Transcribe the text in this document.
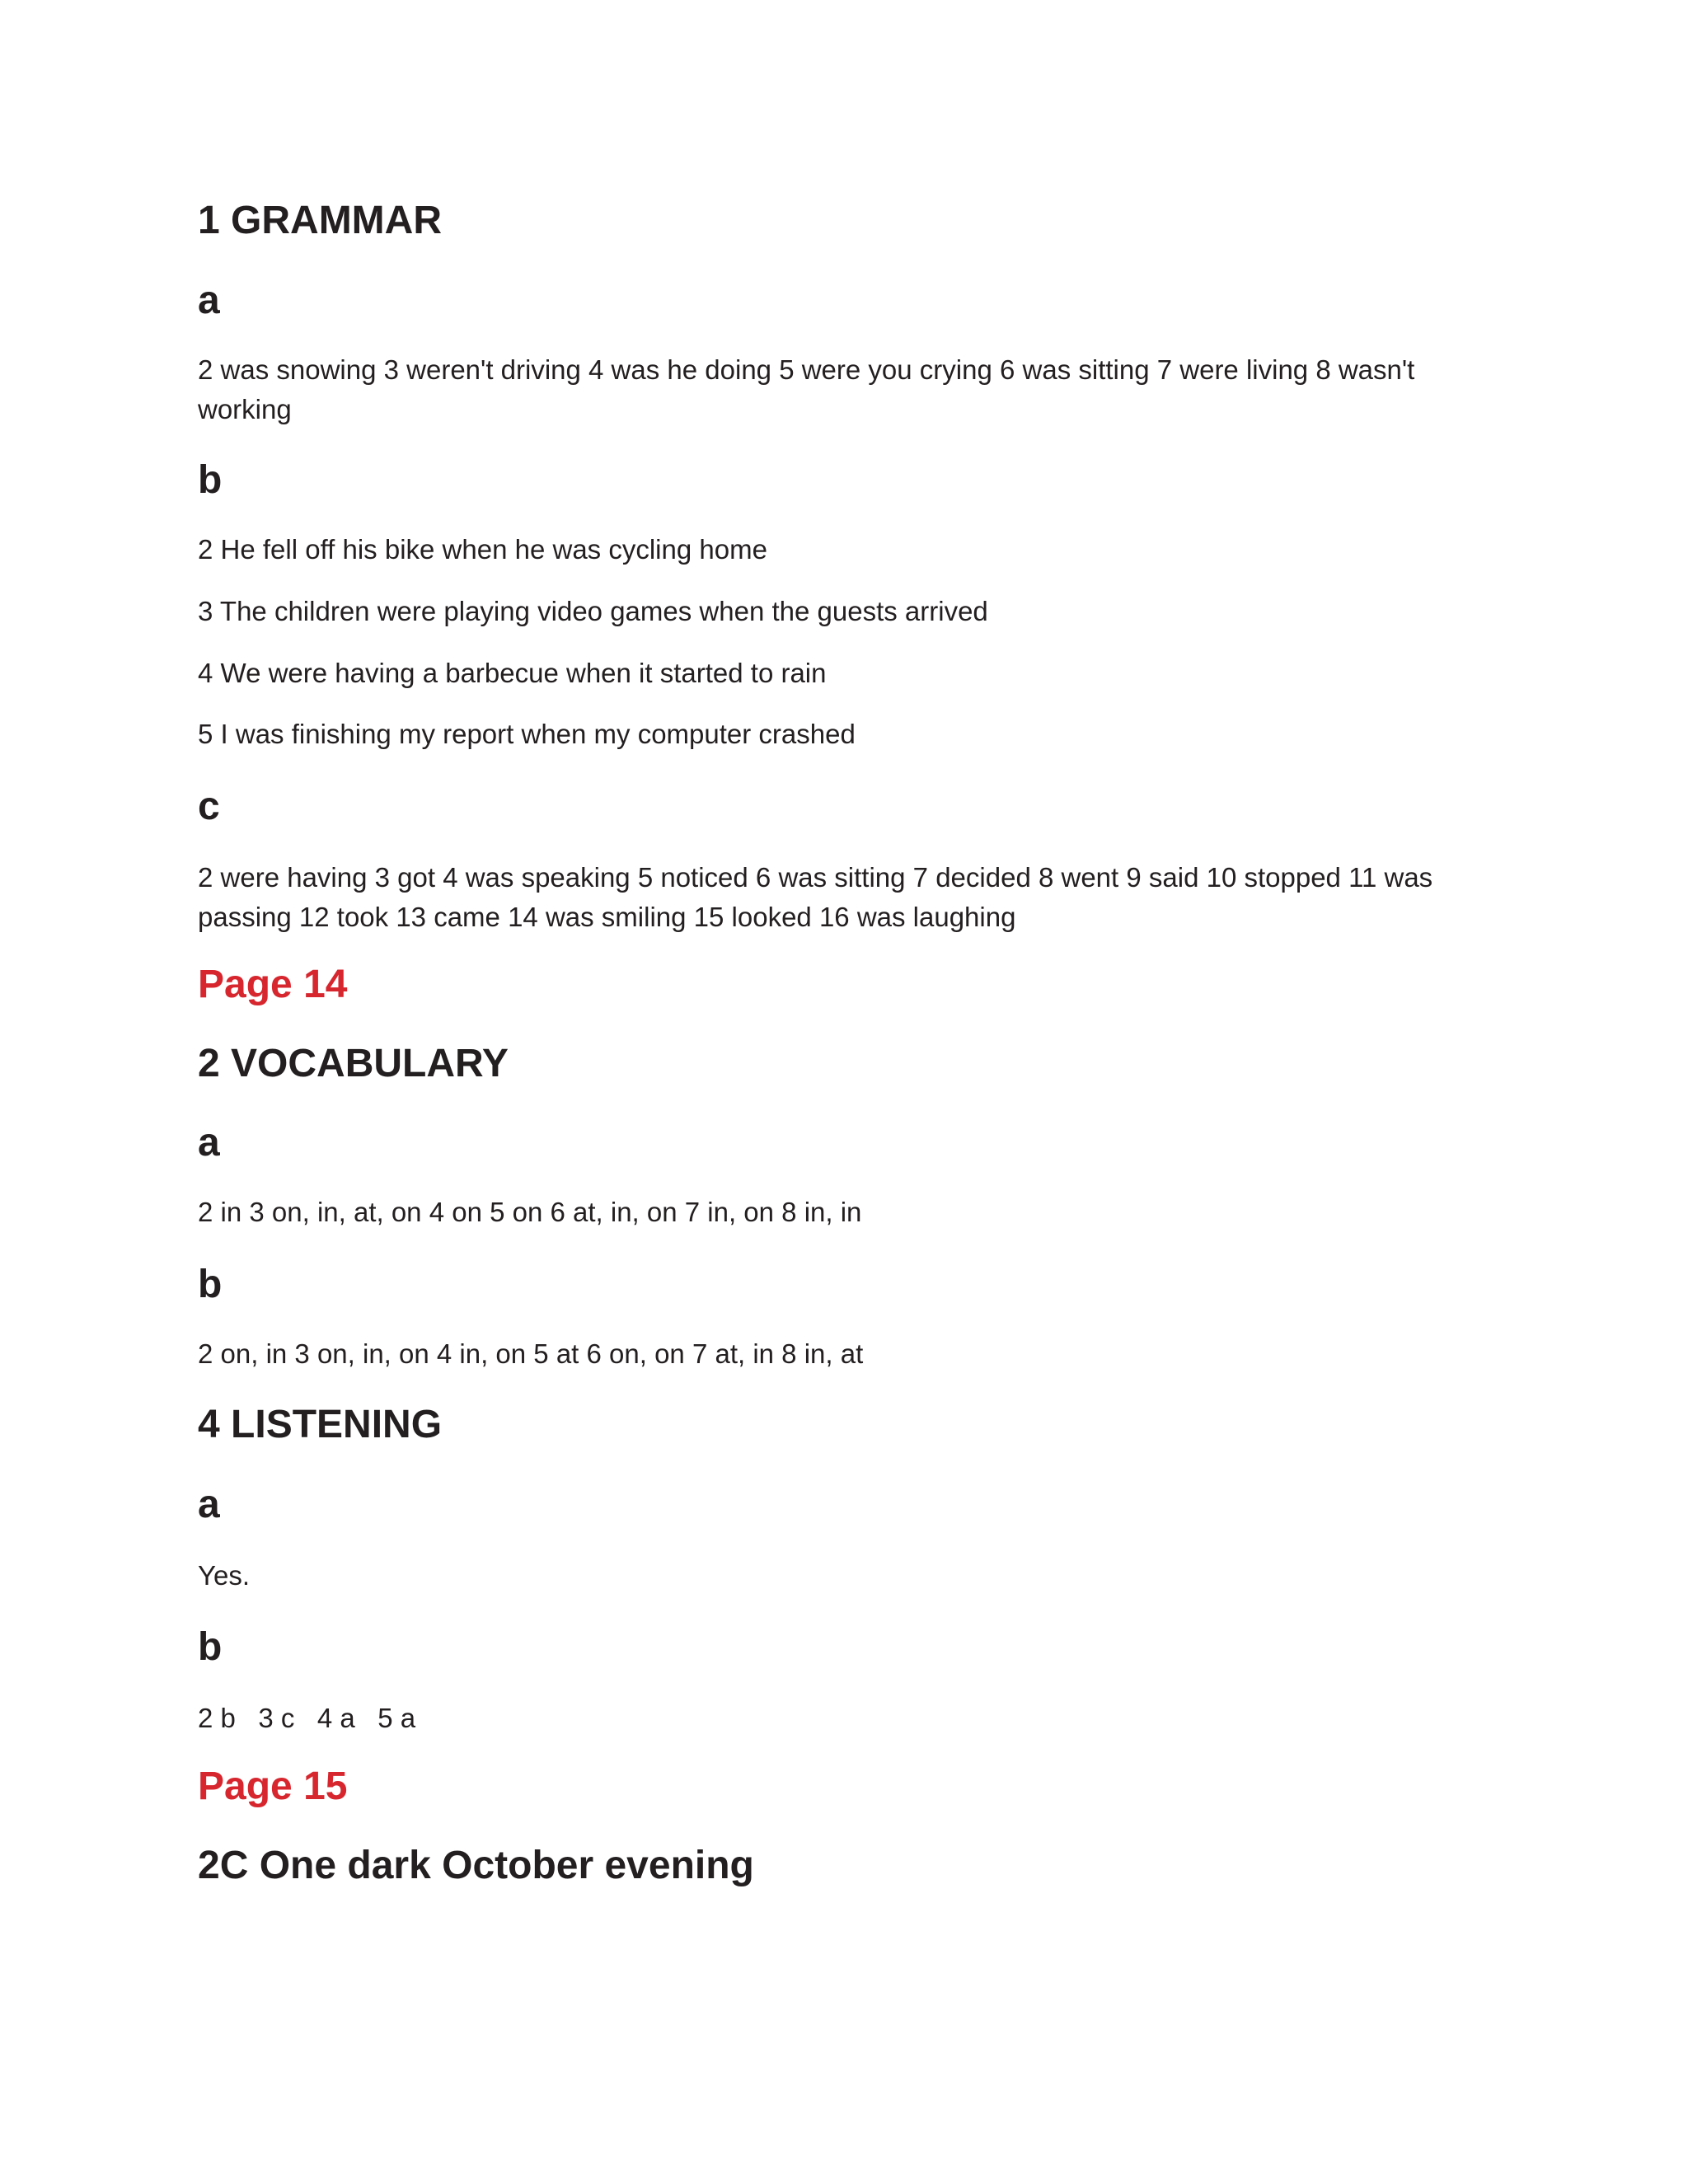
1 GRAMMAR
a

2 was snowing 3 weren't driving 4 was he doing 5 were you crying 6 was sitting 7 were living 8 wasn't working

b

2 He fell off his bike when he was cycling home

3 The children were playing video games when the guests arrived

4 We were having a barbecue when it started to rain

5 I was finishing my report when my computer crashed

c

2 were having 3 got 4 was speaking 5 noticed 6 was sitting 7 decided 8 went 9 said 10 stopped 11 was passing 12 took 13 came 14 was smiling 15 looked 16 was laughing

Page 14
2 VOCABULARY
a

2 in 3 on, in, at, on 4 on 5 on 6 at, in, on 7 in, on 8 in, in

b

2 on, in 3 on, in, on 4 in, on 5 at 6 on, on 7 at, in 8 in, at

4 LISTENING
a

Yes.

b

2 b   3 c   4 a   5 a

Page 15
2C One dark October evening
